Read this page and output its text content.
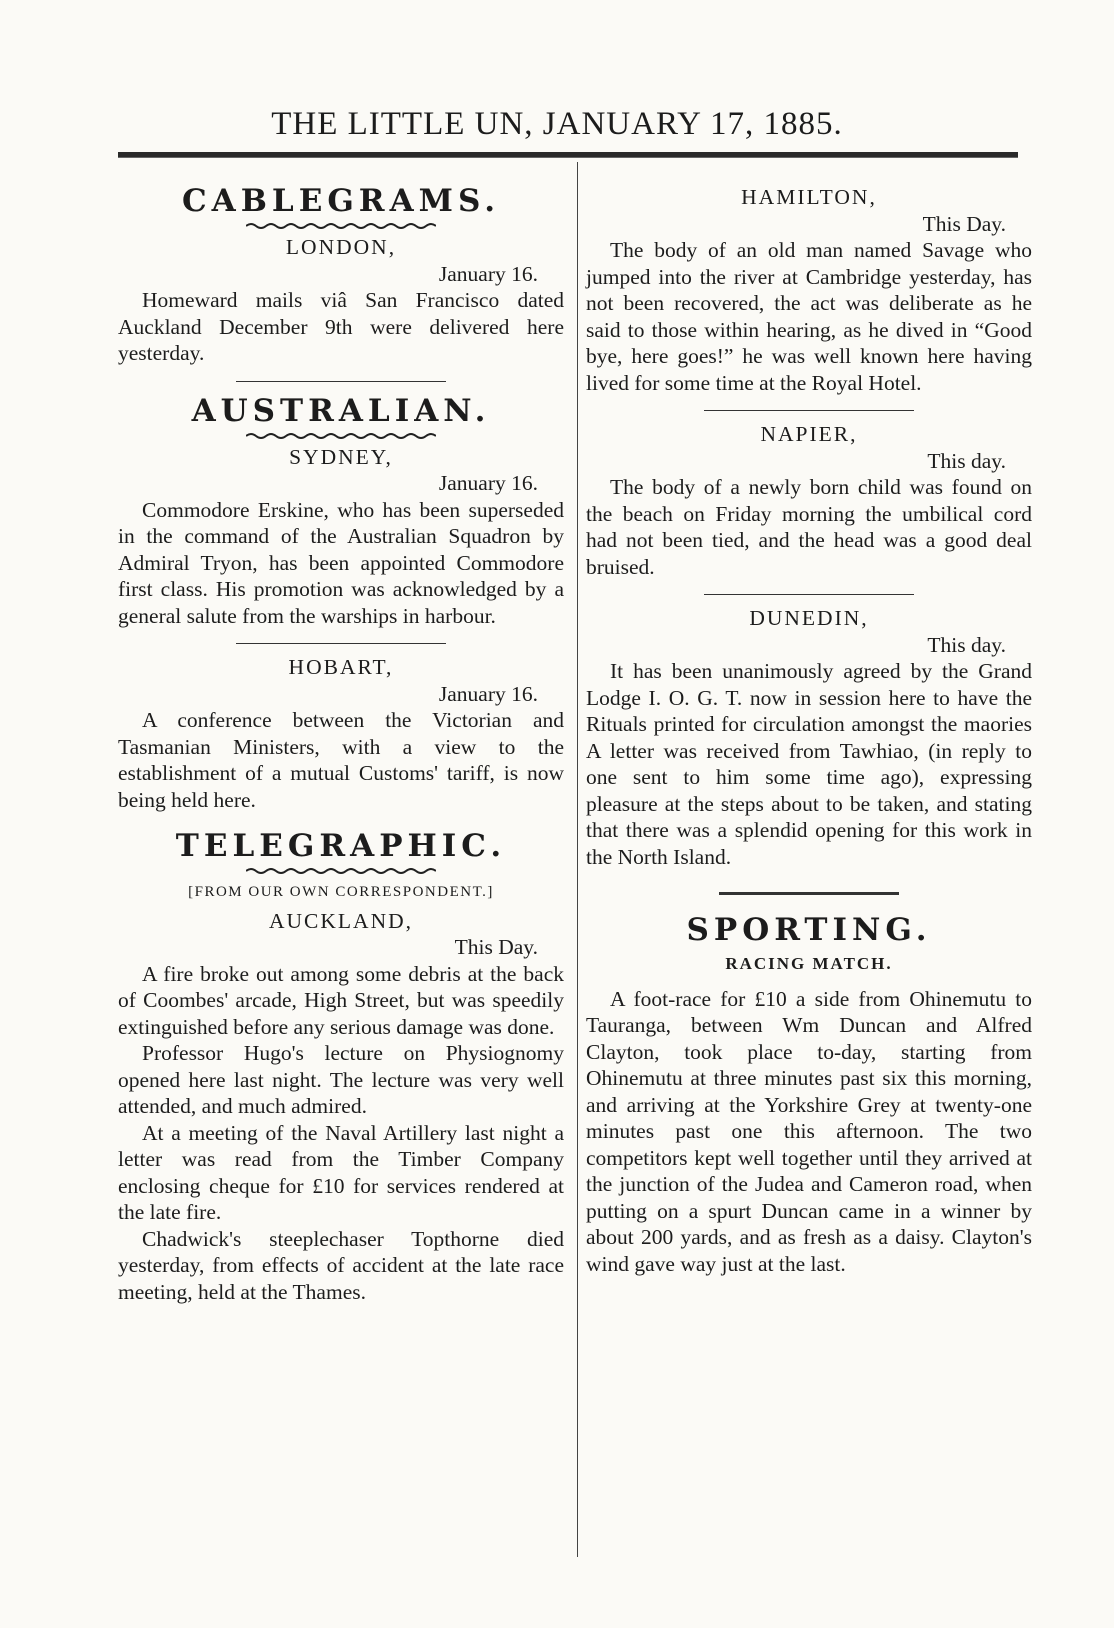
THE LITTLE UN, JANUARY 17, 1885.
CABLEGRAMS.
LONDON,
January 16.

Homeward mails viâ San Francisco dated Auckland December 9th were delivered here yesterday.

AUSTRALIAN.
SYDNEY,
January 16.

Commodore Erskine, who has been superseded in the command of the Australian Squadron by Admiral Tryon, has been appointed Commodore first class. His promotion was acknowledged by a general salute from the warships in harbour.

HOBART,
January 16.

A conference between the Victorian and Tasmanian Ministers, with a view to the establishment of a mutual Customs' tariff, is now being held here.

TELEGRAPHIC.
[FROM OUR OWN CORRESPONDENT.]
AUCKLAND,
This Day.

A fire broke out among some debris at the back of Coombes' arcade, High Street, but was speedily extinguished before any serious damage was done.

Professor Hugo's lecture on Physiognomy opened here last night. The lecture was very well attended, and much admired.

At a meeting of the Naval Artillery last night a letter was read from the Timber Company enclosing cheque for £10 for services rendered at the late fire.

Chadwick's steeplechaser Topthorne died yesterday, from effects of accident at the late race meeting, held at the Thames.

HAMILTON,
This Day.

The body of an old man named Savage who jumped into the river at Cambridge yesterday, has not been recovered, the act was deliberate as he said to those within hearing, as he dived in “Good bye, here goes!” he was well known here having lived for some time at the Royal Hotel.

NAPIER,
This day.

The body of a newly born child was found on the beach on Friday morning the umbilical cord had not been tied, and the head was a good deal bruised.

DUNEDIN,
This day.

It has been unanimously agreed by the Grand Lodge I. O. G. T. now in session here to have the Rituals printed for circulation amongst the maories A letter was received from Tawhiao, (in reply to one sent to him some time ago), expressing pleasure at the steps about to be taken, and stating that there was a splendid opening for this work in the North Island.

SPORTING.
RACING MATCH.

A foot-race for £10 a side from Ohinemutu to Tauranga, between Wm Duncan and Alfred Clayton, took place to-day, starting from Ohinemutu at three minutes past six this morning, and arriving at the Yorkshire Grey at twenty-one minutes past one this afternoon. The two competitors kept well together until they arrived at the junction of the Judea and Cameron road, when putting on a spurt Duncan came in a winner by about 200 yards, and as fresh as a daisy. Clayton's wind gave way just at the last.
